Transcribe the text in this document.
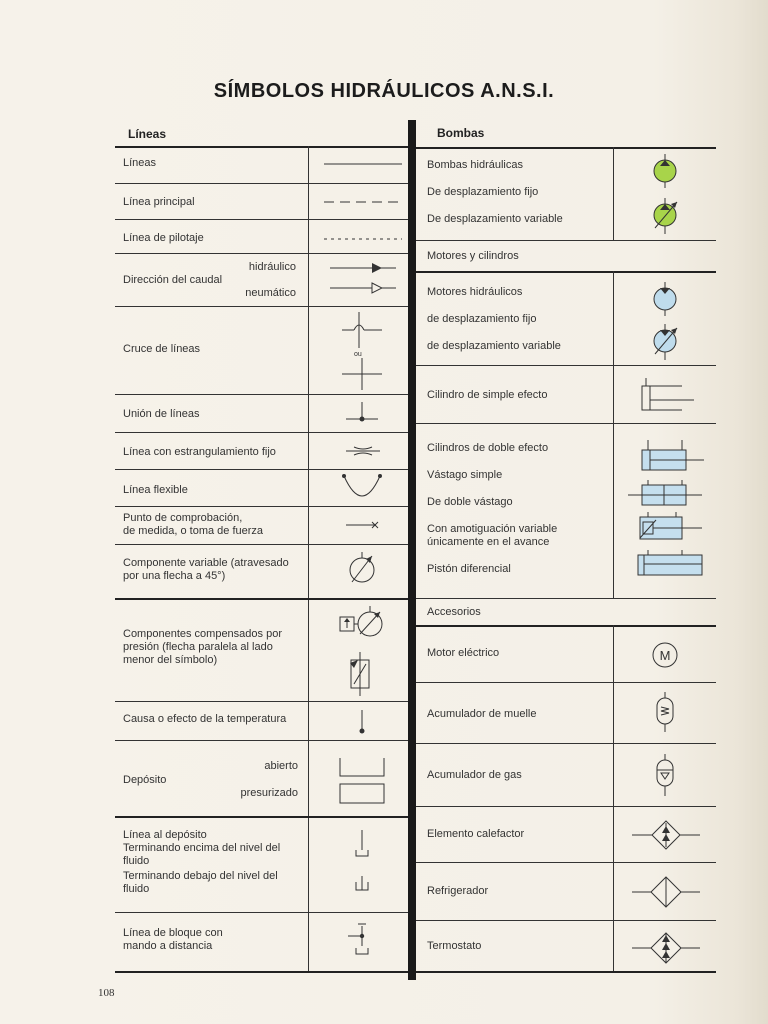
SÍMBOLOS HIDRÁULICOS A.N.S.I.
Líneas	Bombas
Líneas
Línea principal
Línea de pilotaje
Dirección del caudal
hidráulico
neumático
Cruce de líneas
Unión de líneas
Línea con estrangulamiento fijo
Línea flexible
Punto de comprobación,
de medida, o toma de fuerza
Componente variable (atravesado
por una flecha a 45°)
Componentes compensados por
presión (flecha paralela al lado
menor del símbolo)
Causa o efecto de la temperatura
Depósito
abierto
presurizado
Línea al depósito
Terminando encima del nivel del
fluido
Terminando debajo del nivel del
fluido
Línea de bloque con
mando a distancia
Bombas hidráulicas
De desplazamiento fijo
De desplazamiento variable
Motores y cilindros
Motores hidráulicos
de desplazamiento fijo
de desplazamiento variable
Cilindro de simple efecto
Cilindros de doble efecto
Vástago simple
De doble vástago
Con amotiguación variable
únicamente en el avance
Pistón diferencial
Accesorios
Motor eléctrico
Acumulador de muelle
Acumulador de gas
Elemento calefactor
Refrigerador
Termostato
ou
M
108
